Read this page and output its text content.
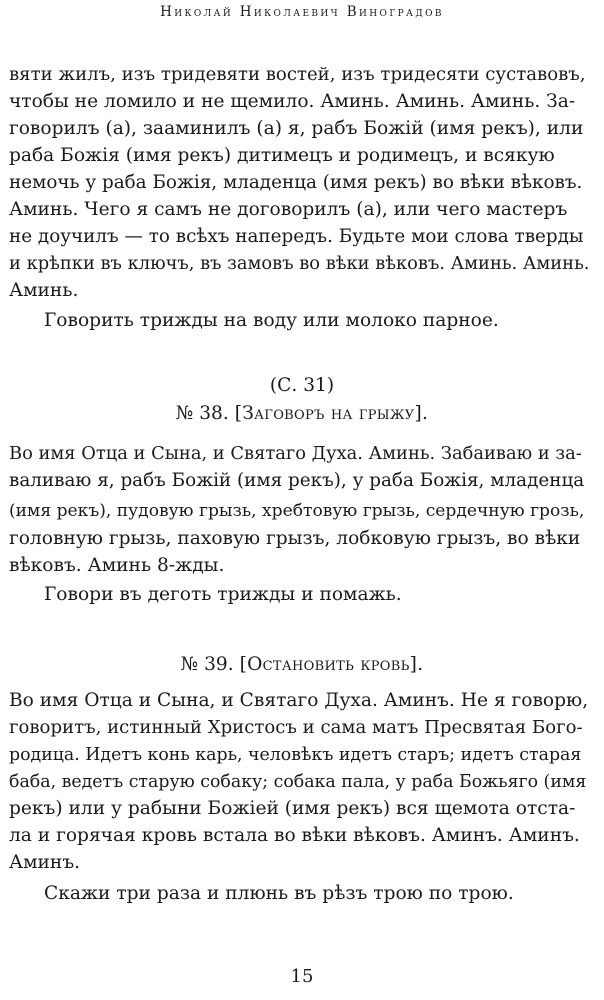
Николай Николаевич Виноградов
вяти жилъ, изъ тридевяти востей, изъ тридесяти суставовъ,
чтобы не ломило и не щемило. Аминь. Аминь. Аминь. За-
говорилъ (а), зааминилъ (а) я, рабъ Божій (имя рекъ), или
раба Божія (имя рекъ) дитимецъ и родимецъ, и всякую
немочь у раба Божія, младенца (имя рекъ) во вѣки вѣковъ.
Аминь. Чего я самъ не договорилъ (а), или чего мастеръ
не доучилъ — то всѣхъ напередъ. Будьте мои слова тверды
и крѣпки въ ключъ, въ замовъ во вѣки вѣковъ. Аминь. Аминь.
Аминь.
Говорить трижды на воду или молоко парное.
(С. 31)
№ 38. [Заговоръ на грыжу].
Во имя Отца и Сына, и Святаго Духа. Аминь. Забаиваю и за-
валиваю я, рабъ Божій (имя рекъ), у раба Божія, младенца
(имя рекъ), пудовую грызь, хребтовую грызь, сердечную грозь,
головную грызь, паховую грызъ, лобковую грызъ, во вѣки
вѣковъ. Аминь 8-жды.
Говори въ деготь трижды и помажь.
№ 39. [Остановить кровь].
Во имя Отца и Сына, и Святаго Духа. Аминъ. Не я говорю,
говоритъ, истинный Христосъ и сама матъ Пресвятая Бого-
родица. Идетъ конь карь, человѣкъ идетъ старъ; идетъ старая
баба, ведетъ старую собаку; собака пала, у раба Божьяго (имя
рекъ) или у рабыни Божіей (имя рекъ) вся щемота отста-
ла и горячая кровь встала во вѣки вѣковъ. Аминъ. Аминъ.
Аминъ.
Скажи три раза и плюнь въ рѣзъ трою по трою.
15
